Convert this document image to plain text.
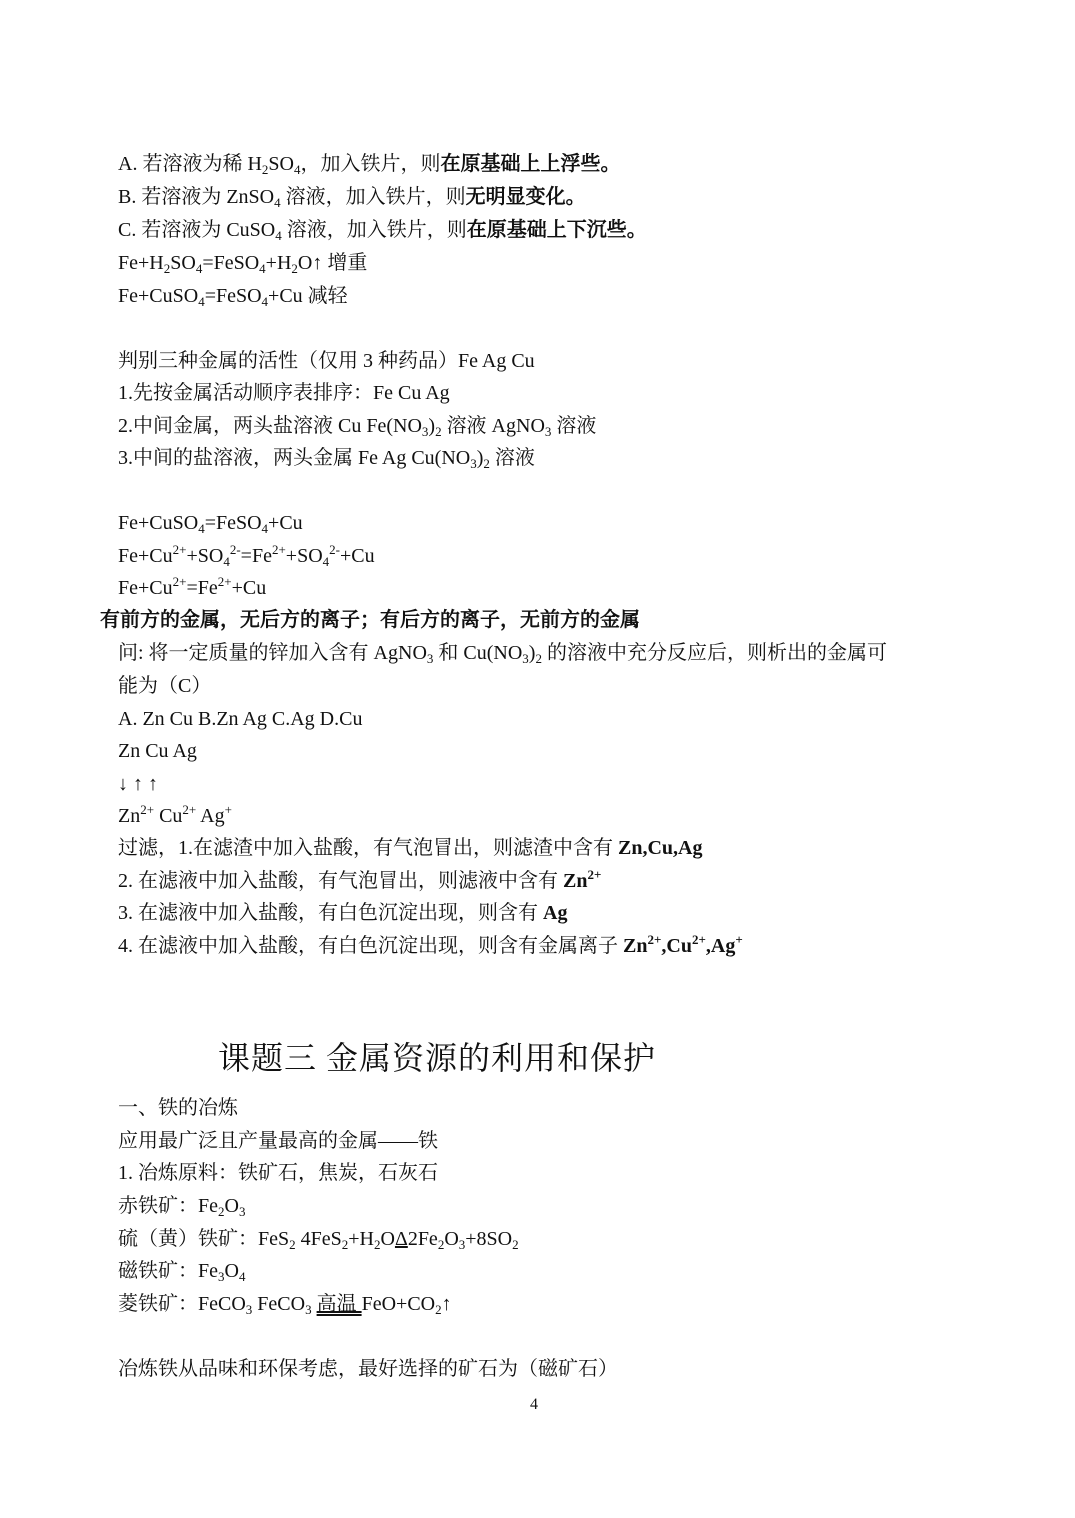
A. 若溶液为稀 $H_2SO_4$，加入铁片，则在原基础上上浮些。
B. 若溶液为 ZnSO$_4$ 溶液，加入铁片，则无明显变化。
C. 若溶液为 CuSO$_4$ 溶液，加入铁片，则在原基础上下沉些。
$Fe+H_2SO_4=FeSO_4+H_2O↑$ 增重
Fe+CuSO$_4$=FeSO$_4$+Cu 减轻
判别三种金属的活性（仅用 3 种药品）Fe Ag Cu
1.先按金属活动顺序表排序：Fe Cu Ag
2.中间金属，两头盐溶液 Cu $Fe(NO_3)_2$ 溶液 AgNO$_3$ 溶液
3.中间的盐溶液，两头金属 Fe Ag $Cu(NO_3)_2$ 溶液
Fe+CuSO$_4$=FeSO$_4$+Cu
$Fe+Cu^{2+}+SO_4^{2-}=Fe^{2+}+SO_4^{2-}+Cu$
$Fe+Cu^{2+}=Fe^{2+}+Cu$
有前方的金属，无后方的离子；有后方的离子，无前方的金属
问: 将一定质量的锌加入含有 AgNO$_3$ 和 $Cu(NO_3)_2$ 的溶液中充分反应后，则析出的金属可
能为（C）
A. Zn Cu B.Zn Ag C.Ag D.Cu
Zn Cu Ag
↓ ↑ ↑
$Zn^{2+}$ $Cu^{2+}$ Ag+
过滤，1.在滤渣中加入盐酸，有气泡冒出，则滤渣中含有 Zn,Cu,Ag
2. 在滤液中加入盐酸，有气泡冒出，则滤液中含有 $Zn^{2+}$
3. 在滤液中加入盐酸，有白色沉淀出现，则含有 Ag
4. 在滤液中加入盐酸，有白色沉淀出现，则含有金属离子 $Zn^{2+},Cu^{2+},Ag^+$
课题三 金属资源的利用和保护
一、铁的冶炼
应用最广泛且产量最高的金属——铁
1. 冶炼原料：铁矿石，焦炭，石灰石
赤铁矿：$Fe_2O_3$
硫（黄）铁矿：FeS$_2$ $4FeS_2+H_2O\Delta 2Fe_2O_3+8SO_2$
磁铁矿：$Fe_3O_4$
菱铁矿：FeCO$_3$ FeCO$_3$ 高温 $FeO+CO_2↑$
冶炼铁从品味和环保考虑，最好选择的矿石为（磁矿石）
4
